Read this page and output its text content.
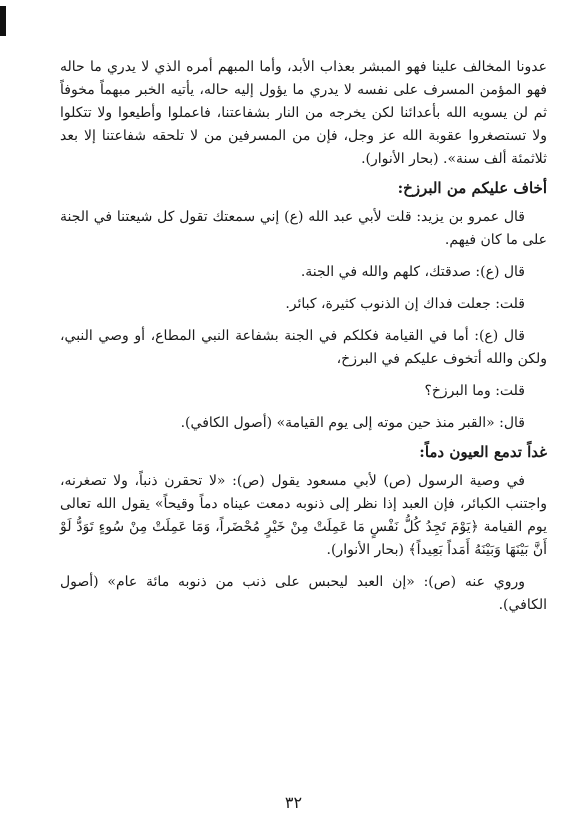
عدونا المخالف علينا فهو المبشر بعذاب الأبد، وأما المبهم أمره الذي لا يدري ما حاله فهو المؤمن المسرف على نفسه لا يدري ما يؤول إليه حاله، يأتيه الخبر مبهماً مخوفاً ثم لن يسويه الله بأعدائنا لكن يخرجه من النار بشفاعتنا، فاعملوا وأطيعوا ولا تتكلوا ولا تستصغروا عقوبة الله عز وجل، فإن من المسرفين من لا تلحقه شفاعتنا إلا بعد ثلاثمئة ألف سنة». (بحار الأنوار).

أخاف عليكم من البرزخ:

قال عمرو بن يزيد: قلت لأبي عبد الله (ع) إني سمعتك تقول كل شيعتنا في الجنة على ما كان فيهم.

قال (ع): صدقتك، كلهم والله في الجنة.

قلت: جعلت فداك إن الذنوب كثيرة، كبائر.

قال (ع): أما في القيامة فكلكم في الجنة بشفاعة النبي المطاع، أو وصي النبي، ولكن والله أتخوف عليكم في البرزخ،

قلت: وما البرزخ؟

قال: «القبر منذ حين موته إلى يوم القيامة» (أصول الكافي).

غداً تدمع العيون دماً:

في وصية الرسول (ص) لأبي مسعود يقول (ص): «لا تحقرن ذنباً، ولا تصغرنه، واجتنب الكبائر، فإن العبد إذا نظر إلى ذنوبه دمعت عيناه دماً وقيحاً» يقول الله تعالى يوم القيامة ﴿يَوْمَ تَجِدُ كُلُّ نَفْسٍ مَا عَمِلَتْ مِنْ خَيْرٍ مُحْضَراً، وَمَا عَمِلَتْ مِنْ سُوءٍ تَوَدُّ لَوْ أَنَّ بَيْنَهَا وَبَيْنَهُ أَمَداً بَعِيداً﴾ (بحار الأنوار).

وروي عنه (ص): «إن العبد ليحبس على ذنب من ذنوبه مائة عام» (أصول الكافي).

٣٢
